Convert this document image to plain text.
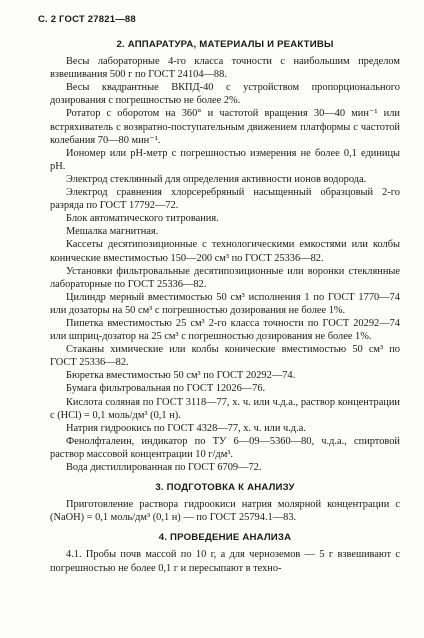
С. 2 ГОСТ 27821—88
2. АППАРАТУРА, МАТЕРИАЛЫ И РЕАКТИВЫ

Весы лабораторные 4-го класса точности с наибольшим пределом взвешивания 500 г по ГОСТ 24104—88.

Весы квадрантные ВКПД-40 с устройством пропорционального дозирования с погрешностью не более 2%.

Ротатор с оборотом на 360° и частотой вращения 30—40 мин⁻¹ или встряхиватель с возвратно-поступательным движением платформы с частотой колебания 70—80 мин⁻¹.

Иономер или pH-метр с погрешностью измерения не более 0,1 единицы pH.

Электрод стеклянный для определения активности ионов водорода.

Электрод сравнения хлорсеребряный насыщенный образцовый 2-го разряда по ГОСТ 17792—72.

Блок автоматического титрования.

Мешалка магнитная.

Кассеты десятипозиционные с технологическими емкостями или колбы конические вместимостью 150—200 см³ по ГОСТ 25336—82.

Установки фильтровальные десятипозиционные или воронки стеклянные лабораторные по ГОСТ 25336—82.

Цилиндр мерный вместимостью 50 см³ исполнения 1 по ГОСТ 1770—74 или дозаторы на 50 см³ с погрешностью дозирования не более 1%.

Пипетка вместимостью 25 см³ 2-го класса точности по ГОСТ 20292—74 или шприц-дозатор на 25 см³ с погрешностью дозирования не более 1%.

Стаканы химические или колбы конические вместимостью 50 см³ по ГОСТ 25336—82.

Бюретка вместимостью 50 см³ по ГОСТ 20292—74.

Бумага фильтровальная по ГОСТ 12026—76.

Кислота соляная по ГОСТ 3118—77, х. ч. или ч.д.а., раствор концентрации c (HCl) = 0,1 моль/дм³ (0,1 н).

Натрия гидроокись по ГОСТ 4328—77, х. ч. или ч.д.а.

Фенолфталеин, индикатор по ТУ 6—09—5360—80, ч.д.а., спиртовой раствор массовой концентрации 10 г/дм³.

Вода дистиллированная по ГОСТ 6709—72.

3. ПОДГОТОВКА К АНАЛИЗУ

Приготовление раствора гидроокиси натрия молярной концентрации c (NaOH) = 0,1 моль/дм³ (0,1 н) — по ГОСТ 25794.1—83.

4. ПРОВЕДЕНИЕ АНАЛИЗА

4.1. Пробы почв массой по 10 г, а для черноземов — 5 г взвешивают с погрешностью не более 0,1 г и пересыпают в техно-
